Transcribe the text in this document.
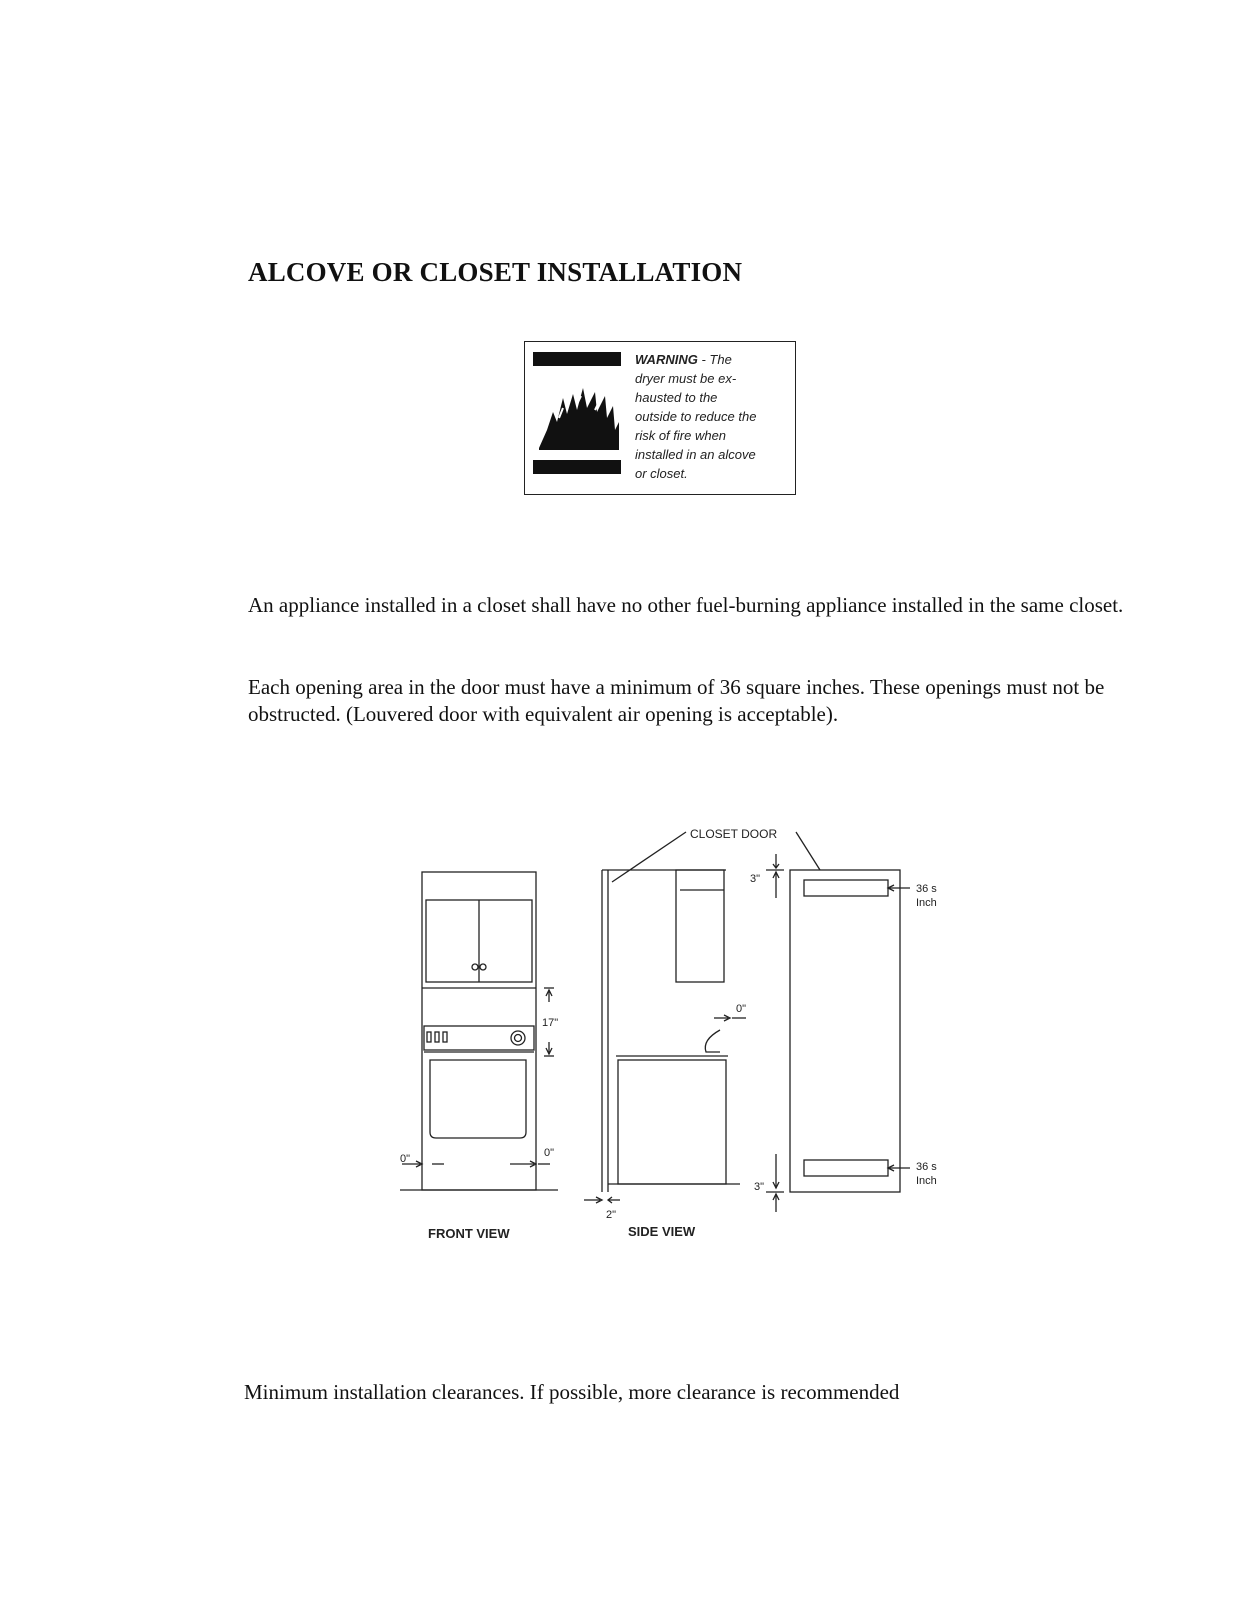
ALCOVE OR CLOSET INSTALLATION
WARNING - The
dryer must be ex-
hausted to the
outside to reduce the
risk of fire when
installed in an alcove
or closet.
An appliance installed in a closet shall have no other fuel-burning appliance installed in the same closet.
Each opening area in the door must have a minimum of 36 square inches. These openings must not be obstructed. (Louvered door with equivalent air opening is acceptable).
CLOSET DOOR
17"
0"	0"
0"
2"
3"
3"
36 s
Inch
36 s
Inch
FRONT VIEW	SIDE VIEW
Minimum installation clearances. If possible, more clearance is recommended
